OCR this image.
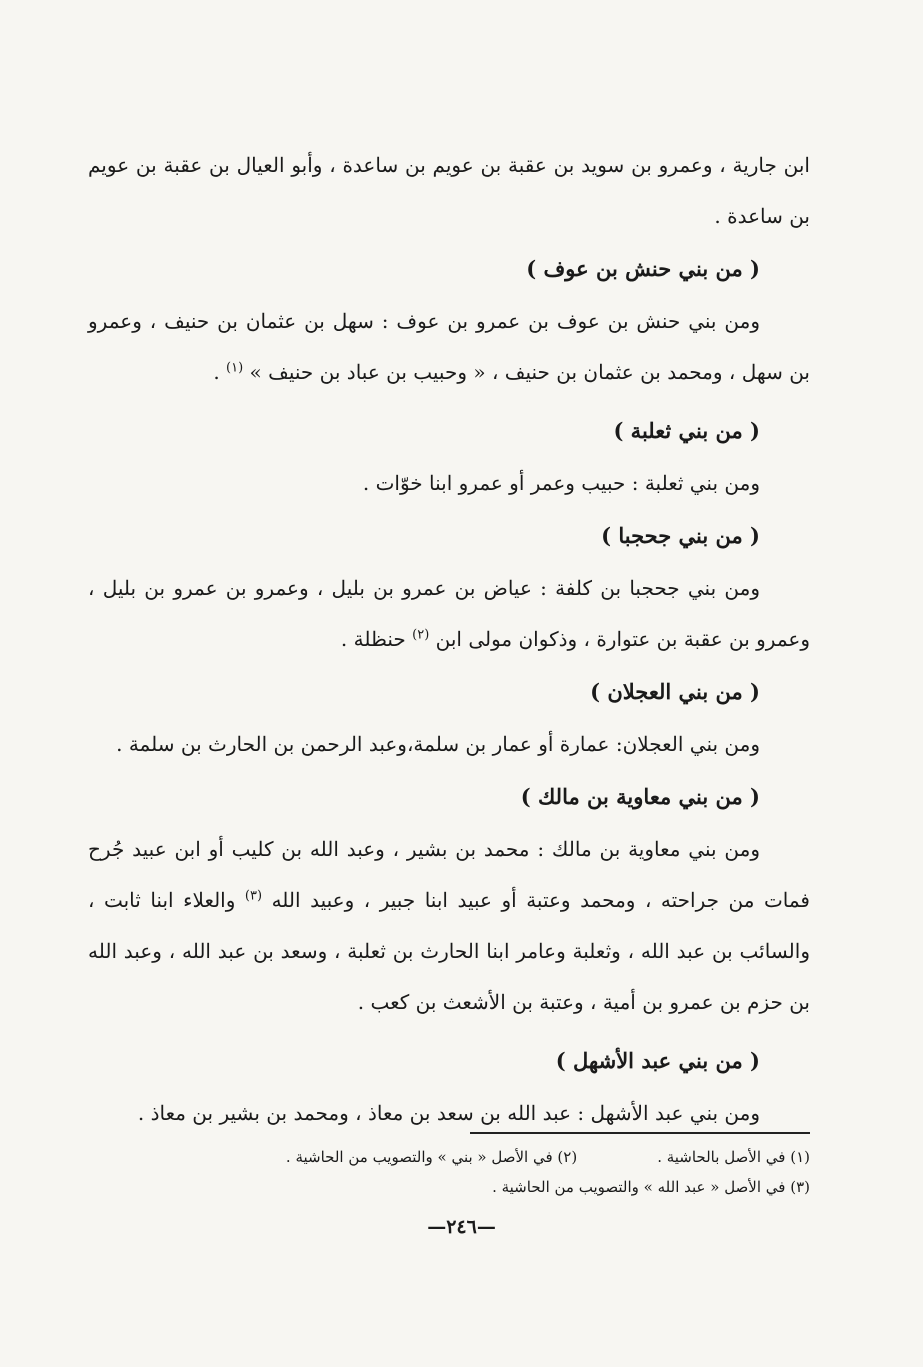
ابن جارية ، وعمرو بن سويد بن عقبة بن عويم بن ساعدة ، وأبو العيال بن عقبة بن عويم بن ساعدة .

( من بني حنش بن عوف )

ومن بني حنش بن عوف بن عمرو بن عوف : سهل بن عثمان بن حنيف ، وعمرو بن سهل ، ومحمد بن عثمان بن حنيف ، « وحبيب بن عباد بن حنيف » $^{(١)}$ .

( من بني ثعلبة )

ومن بني ثعلبة : حبيب وعمر أو عمرو ابنا خوّات .

( من بني جحجبا )

ومن بني جحجبا بن كلفة : عياض بن عمرو بن بليل ، وعمرو بن عمرو بن بليل ، وعمرو بن عقبة بن عتوارة ، وذكوان مولى ابن $^{(٢)}$ حنظلة .

( من بني العجلان )

ومن بني العجلان: عمارة أو عمار بن سلمة،وعبد الرحمن بن الحارث بن سلمة .

( من بني معاوية بن مالك )

ومن بني معاوية بن مالك : محمد بن بشير ، وعبد الله بن كليب أو ابن عبيد جُرح فمات من جراحته ، ومحمد وعتبة أو عبيد ابنا جبير ، وعبيد الله $^{(٣)}$ والعلاء ابنا ثابت ، والسائب بن عبد الله ، وثعلبة وعامر ابنا الحارث بن ثعلبة ، وسعد بن عبد الله ، وعبد الله بن حزم بن عمرو بن أمية ، وعتبة بن الأشعث بن كعب .

( من بني عبد الأشهل )

ومن بني عبد الأشهل : عبد الله بن سعد بن معاذ ، ومحمد بن بشير بن معاذ .

(١) في الأصل بالحاشية .
(٢) في الأصل « بني » والتصويب من الحاشية .
(٣) في الأصل « عبد الله » والتصويب من الحاشية .
—٢٤٦—
